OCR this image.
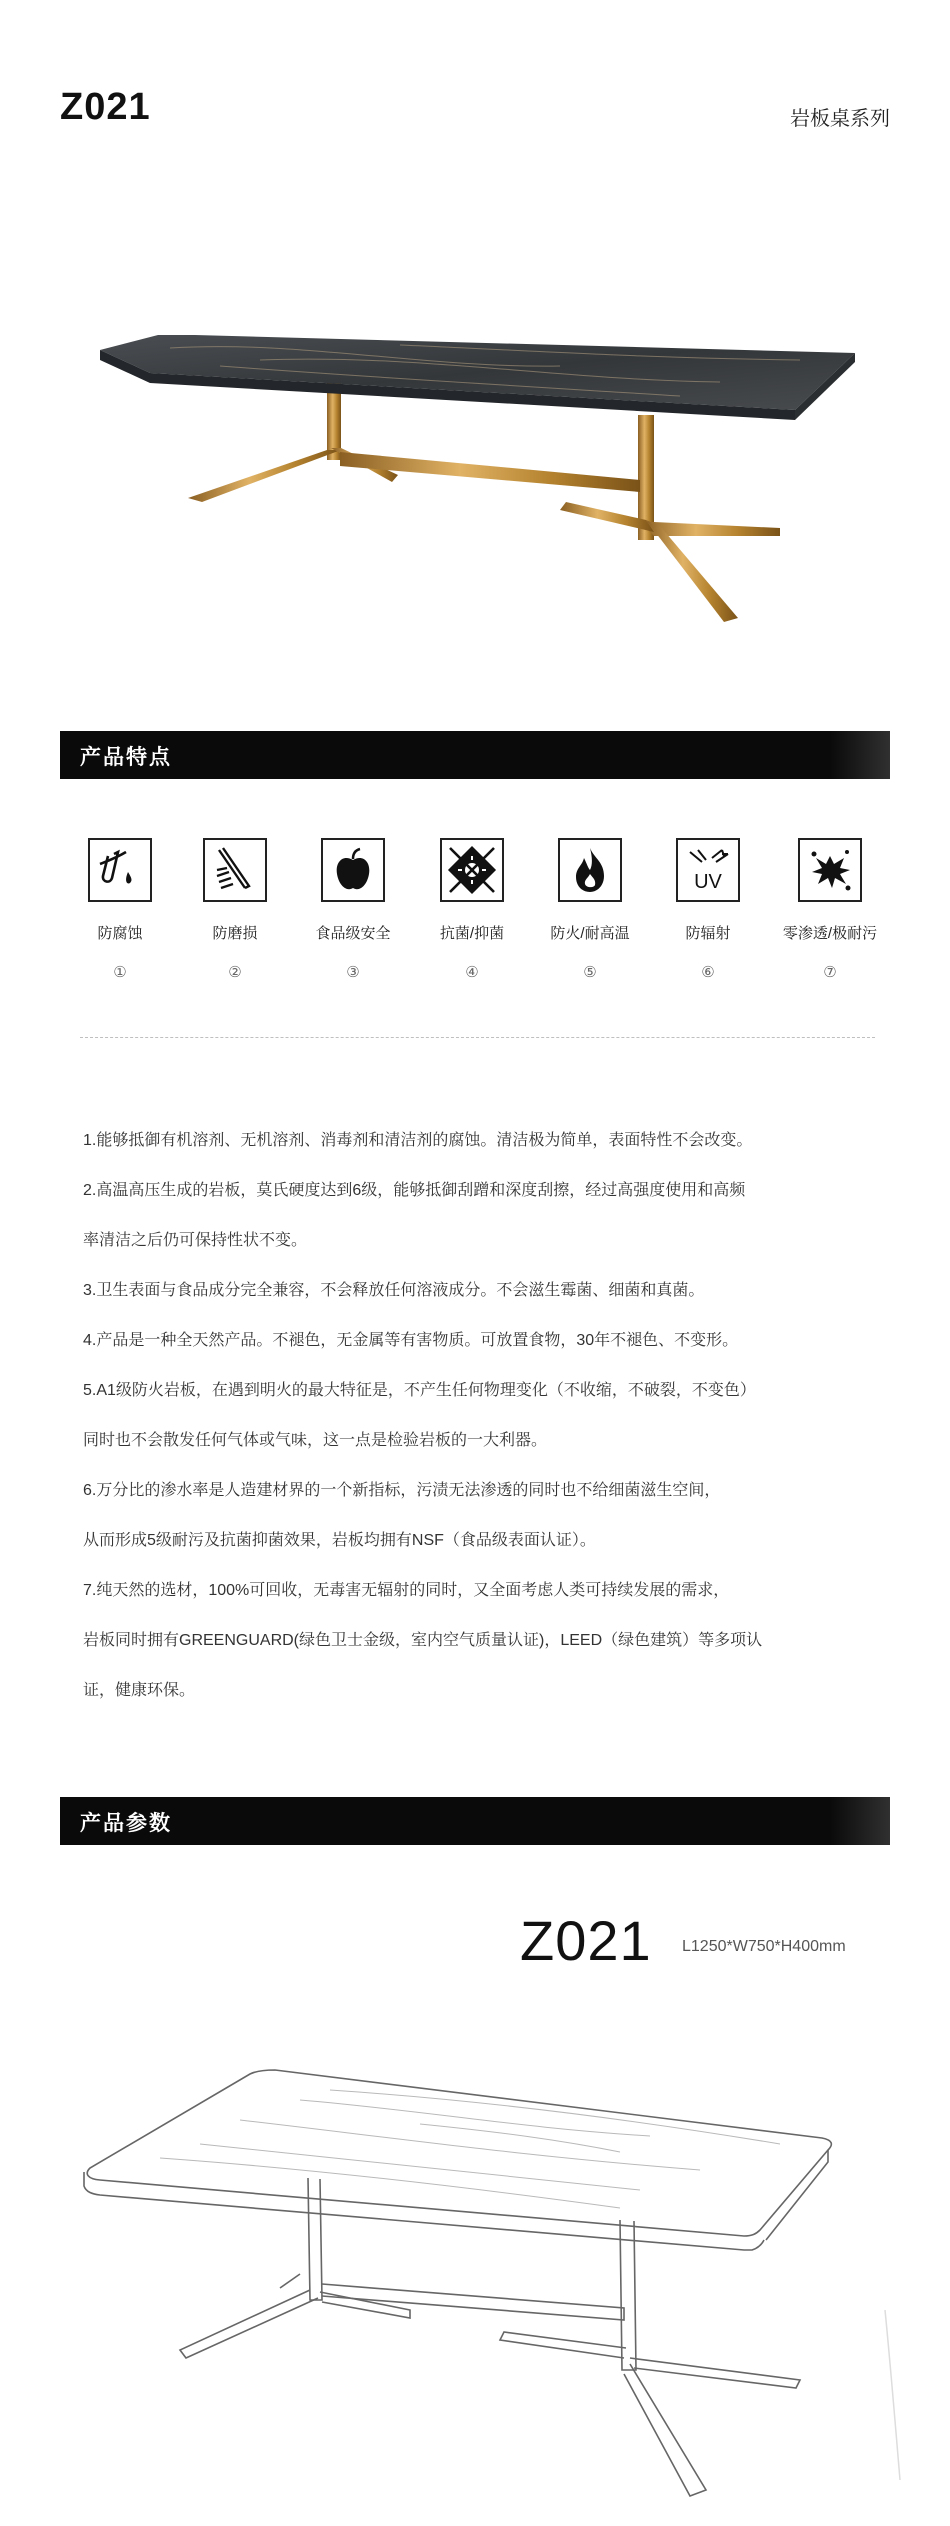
Z021	岩板桌系列
产品特点
防腐蚀
①
防磨损
②
食品级安全
③
抗菌/抑菌
④
防火/耐高温
⑤
UV
防辐射
⑥
零渗透/极耐污
⑦

1.能够抵御有机溶剂、无机溶剂、消毒剂和清洁剂的腐蚀。清洁极为简单，表面特性不会改变。

2.高温高压生成的岩板，莫氏硬度达到6级，能够抵御刮蹭和深度刮擦，经过高强度使用和高频

率清洁之后仍可保持性状不变。

3.卫生表面与食品成分完全兼容，不会释放任何溶液成分。不会滋生霉菌、细菌和真菌。

4.产品是一种全天然产品。不褪色，无金属等有害物质。可放置食物，30年不褪色、不变形。

5.A1级防火岩板，在遇到明火的最大特征是，不产生任何物理变化（不收缩，不破裂，不变色）

同时也不会散发任何气体或气味，这一点是检验岩板的一大利器。

6.万分比的渗水率是人造建材界的一个新指标，污渍无法渗透的同时也不给细菌滋生空间，

从而形成5级耐污及抗菌抑菌效果，岩板均拥有NSF（食品级表面认证）。

7.纯天然的选材，100%可回收，无毒害无辐射的同时，又全面考虑人类可持续发展的需求，

岩板同时拥有GREENGUARD(绿色卫士金级，室内空气质量认证)，LEED（绿色建筑）等多项认

证，健康环保。

产品参数
Z021 L1250*W750*H400mm
